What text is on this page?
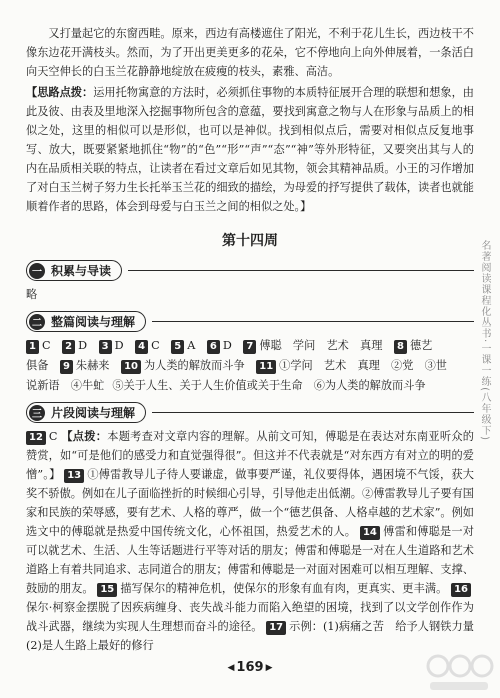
又打量起它的东窗西畦。原来，西边有高楼遮住了阳光，不利于花儿生长，西边枝干不像东边花开满枝头。然而，为了开出更美更多的花朵，它不停地向上向外伸展着，一条活白向天空伸长的白玉兰花静静地绽放在疲瘦的枝头，素雅、高洁。

【思路点拨：运用托物寓意的方法时，必须抓住事物的本质特征展开合理的联想和想象，由此及彼、由表及里地深入挖掘事物所包含的意蕴，要找到寓意之物与人在形象与品质上的相似之处，这里的相似可以是形似，也可以是神似。找到相似点后，需要对相似点反复地事写、放大，既要紧紧地抓住“物”的“色”“形”“声”“态”“神”等外形特征，又要突出其与人的内在品质相关联的特点，让读者在看过文章后如见其物，领会其精神品质。小王的习作增加了对白玉兰树子努力生长托举玉兰花的细致的描绘，为母爱的抒写提供了载体，读者也就能顺着作者的思路，体会到母爱与白玉兰之间的相似之处。】

第十四周
一 积累与导读

略

二 整篇阅读与理解

1 C 2 D 3 D 4 C 5 A 6 D 7 傅聪　学问　艺术　真理 8 德艺

俱备 9 朱赫来 10 为人类的解放而斗争 11 ①学问　艺术　真理　②党　③世

说新语　④牛虻 ⑤关于人生、关于人生价值或关于生命　⑥为人类的解放而斗争

三 片段阅读与理解

12 C 【点拨：本题考查对文章内容的理解。从前文可知，傅聪是在表达对东南亚听众的赞赏，如“可是他们的感受力和直觉强得很”。但这并不代表就是“对东西方有对立的明的爱憎”。】 13 ①傅雷教导儿子待人要谦虚，做事要严谨，礼仪要得体，遇困境不气馁，获大奖不骄傲。例如在儿子面临挫折的时候细心引导，引导他走出低潮。②傅雷教导儿子要有国家和民族的荣辱感，要有艺术、人格的尊严，做一个“德艺俱备、人格卓越的艺术家”。例如选文中的傅聪就是热爱中国传统文化，心怀祖国，热爱艺术的人。 14 傅雷和傅聪是一对可以就艺术、生活、人生等话题进行平等对话的朋友；傅雷和傅聪是一对在人生道路和艺术道路上有着共同追求、志同道合的朋友；傅雷和傅聪是一对面对困难可以相互理解、支撑、鼓励的朋友。 15 描写保尔的精神危机，使保尔的形象有血有肉，更真实、更丰满。 16保尔·柯察金摆脱了因疾病缠身、丧失战斗能力而陷入绝望的困境，找到了以文学创作作为战斗武器，继续为实现人生理想而奋斗的途径。 17 示例：(1)病痛之苦　给予人钢铁力量　(2)是人生路上最好的修行

名著阅读课程化丛书·一课一练(八年级下)
◀ 169 ▶
